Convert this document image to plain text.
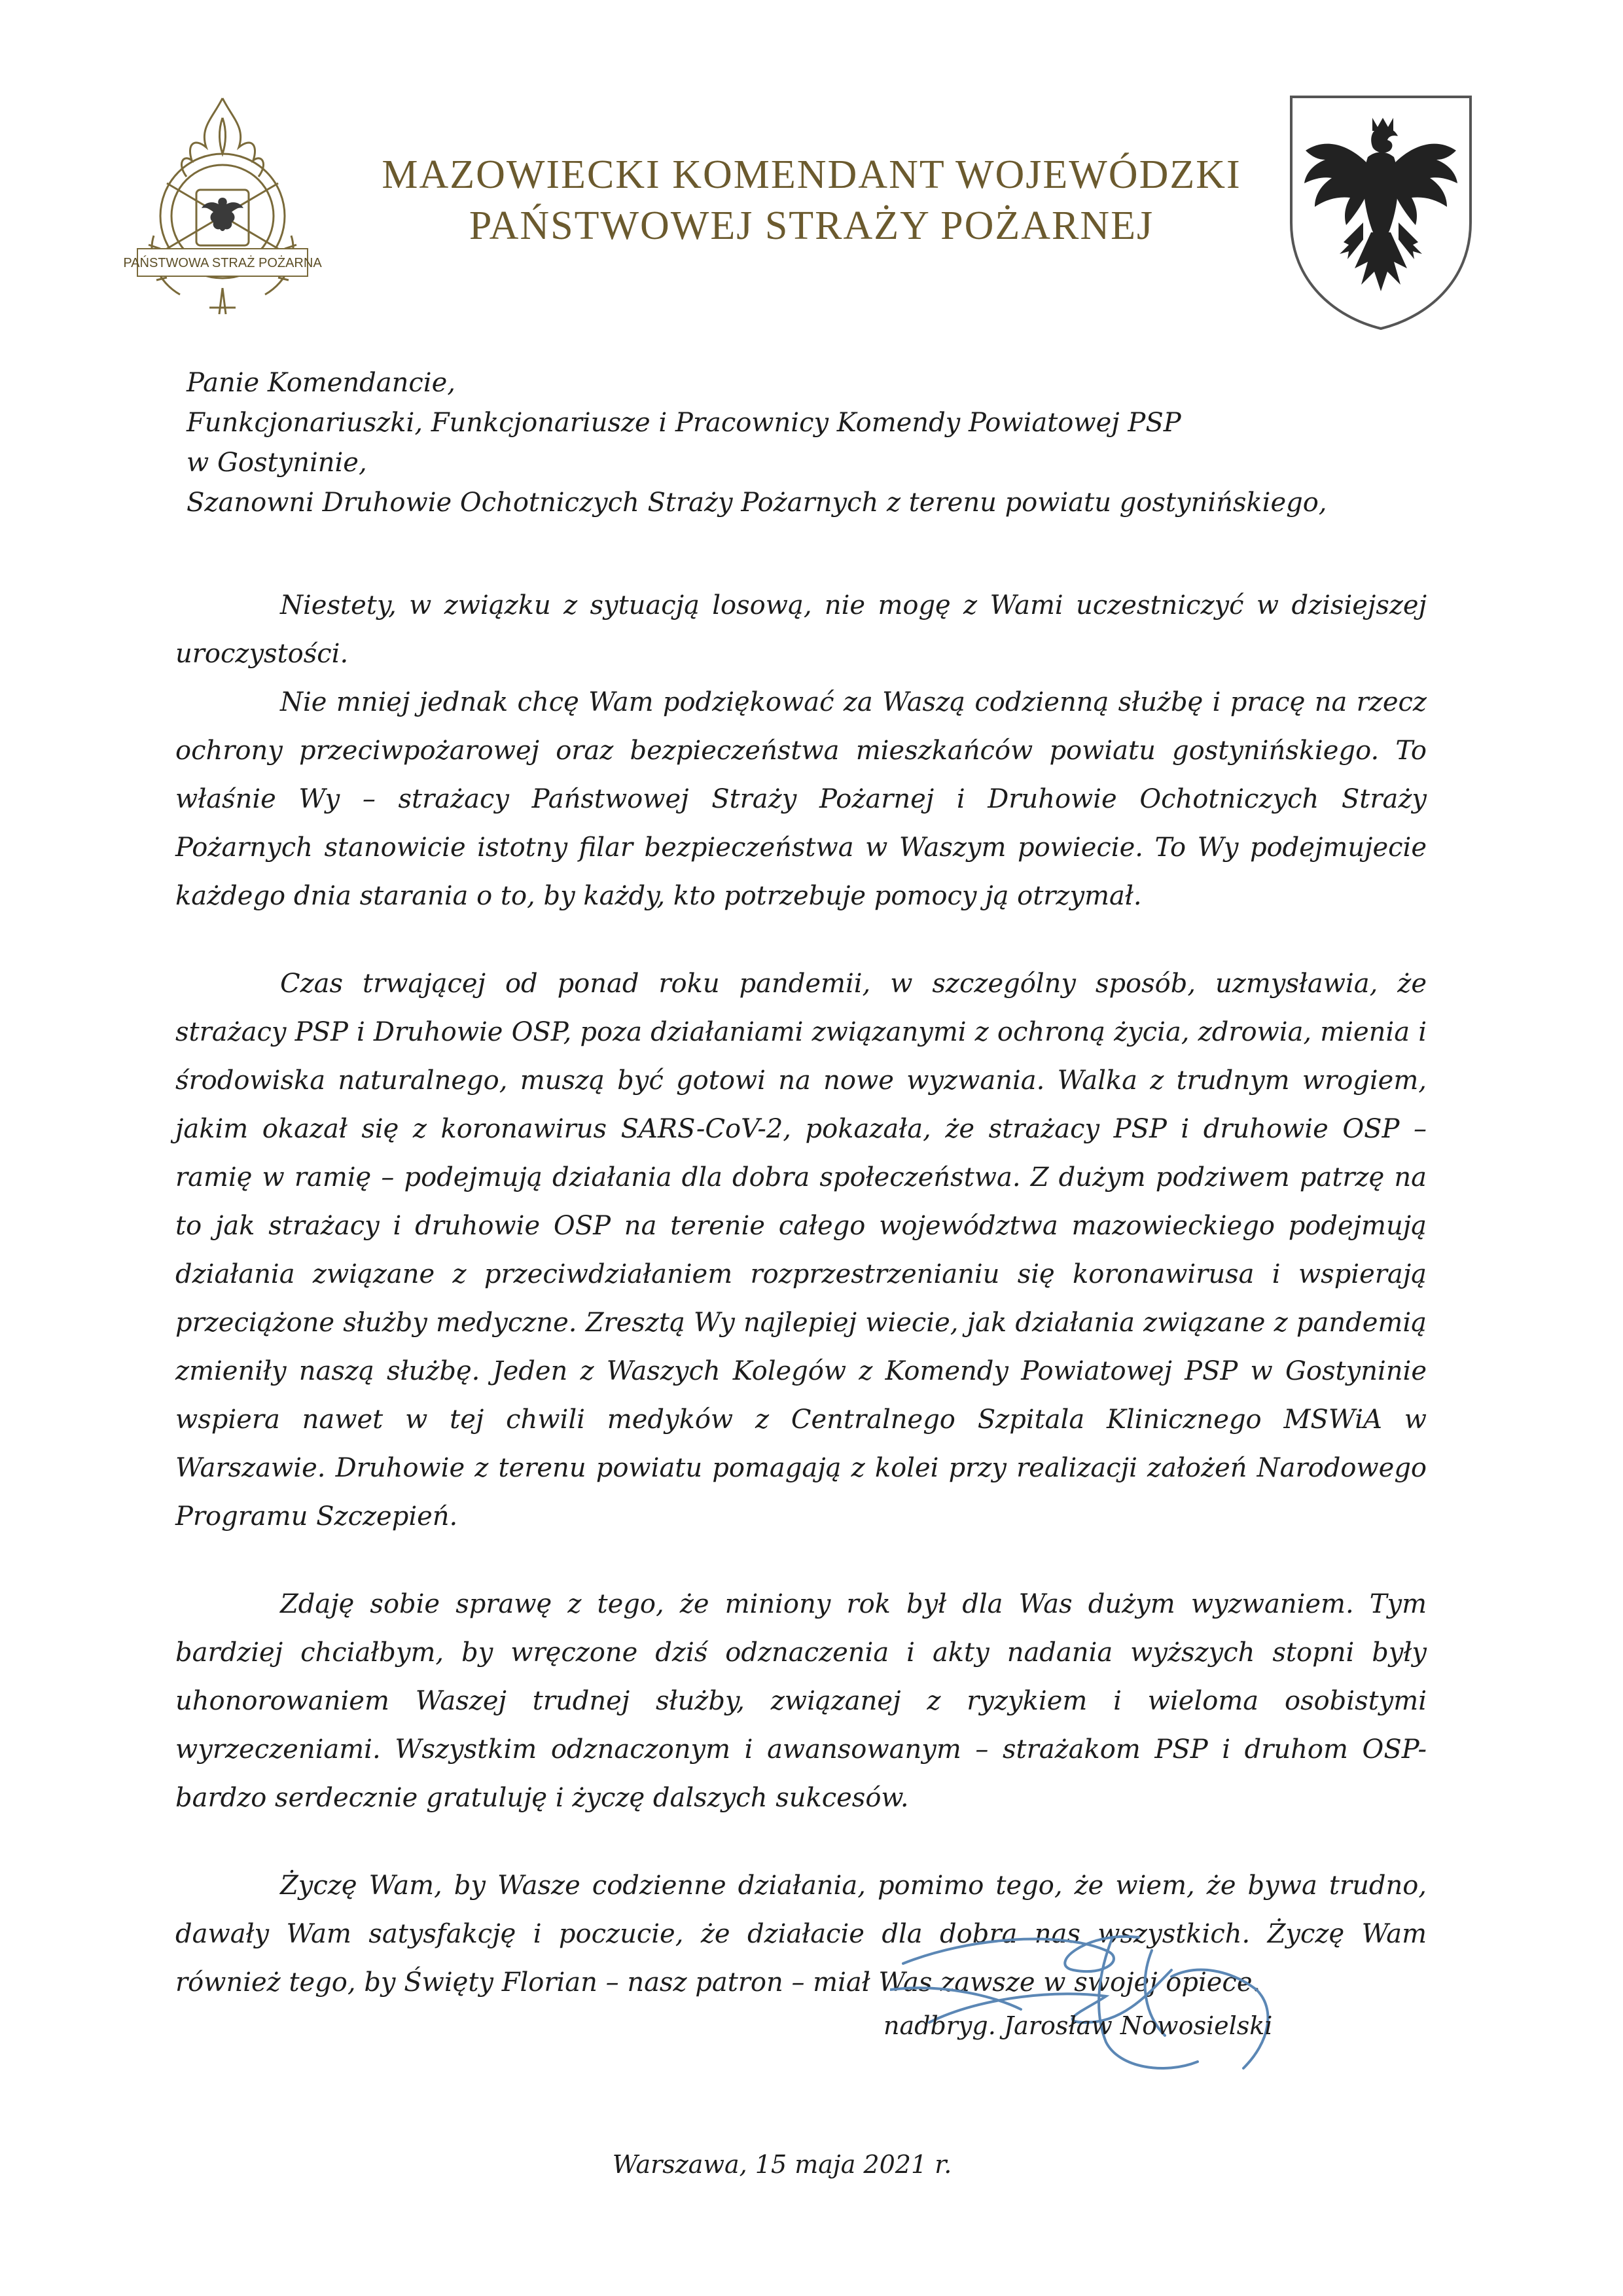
PAŃSTWOWA STRAŻ POŻARNA
MAZOWIECKI KOMENDANT WOJEWÓDZKI
PAŃSTWOWEJ STRAŻY POŻARNEJ
Panie Komendancie,
Funkcjonariuszki, Funkcjonariusze i Pracownicy Komendy Powiatowej PSP
w Gostyninie,
Szanowni Druhowie Ochotniczych Straży Pożarnych z terenu powiatu gostynińskiego,

Niestety, w związku z sytuacją losową, nie mogę z Wami uczestniczyć w dzisiejszej uroczystości.

Nie mniej jednak chcę Wam podziękować za Waszą codzienną służbę i pracę na rzecz ochrony przeciwpożarowej oraz bezpieczeństwa mieszkańców powiatu gostynińskiego. To właśnie Wy – strażacy Państwowej Straży Pożarnej i Druhowie Ochotniczych Straży Pożarnych stanowicie istotny filar bezpieczeństwa w Waszym powiecie. To Wy podejmujecie każdego dnia starania o to, by każdy, kto potrzebuje pomocy ją otrzymał.

Czas trwającej od ponad roku pandemii, w szczególny sposób, uzmysławia, że strażacy PSP i Druhowie OSP, poza działaniami związanymi z ochroną życia, zdrowia, mienia i środowiska naturalnego, muszą być gotowi na nowe wyzwania. Walka z trudnym wrogiem, jakim okazał się z koronawirus SARS-CoV-2, pokazała, że strażacy PSP i druhowie OSP – ramię w ramię – podejmują działania dla dobra społeczeństwa. Z dużym podziwem patrzę na to jak strażacy i druhowie OSP na terenie całego województwa mazowieckiego podejmują działania związane z przeciwdziałaniem rozprzestrzenianiu się koronawirusa i wspierają przeciążone służby medyczne. Zresztą Wy najlepiej wiecie, jak działania związane z pandemią zmieniły naszą służbę. Jeden z Waszych Kolegów z Komendy Powiatowej PSP w Gostyninie wspiera nawet w tej chwili medyków z Centralnego Szpitala Klinicznego MSWiA w Warszawie. Druhowie z terenu powiatu pomagają z kolei przy realizacji założeń Narodowego Programu Szczepień.

Zdaję sobie sprawę z tego, że miniony rok był dla Was dużym wyzwaniem. Tym bardziej chciałbym, by wręczone dziś odznaczenia i akty nadania wyższych stopni były uhonorowaniem Waszej trudnej służby, związanej z ryzykiem i wieloma osobistymi wyrzeczeniami. Wszystkim odznaczonym i awansowanym – strażakom PSP i druhom OSP- bardzo serdecznie gratuluję i życzę dalszych sukcesów.

Życzę Wam, by Wasze codzienne działania, pomimo tego, że wiem, że bywa trudno, dawały Wam satysfakcję i poczucie, że działacie dla dobra nas wszystkich. Życzę Wam również tego, by Święty Florian – nasz patron – miał Was zawsze w swojej opiece.

nadbryg. Jarosław Nowosielski
Warszawa, 15 maja 2021 r.
